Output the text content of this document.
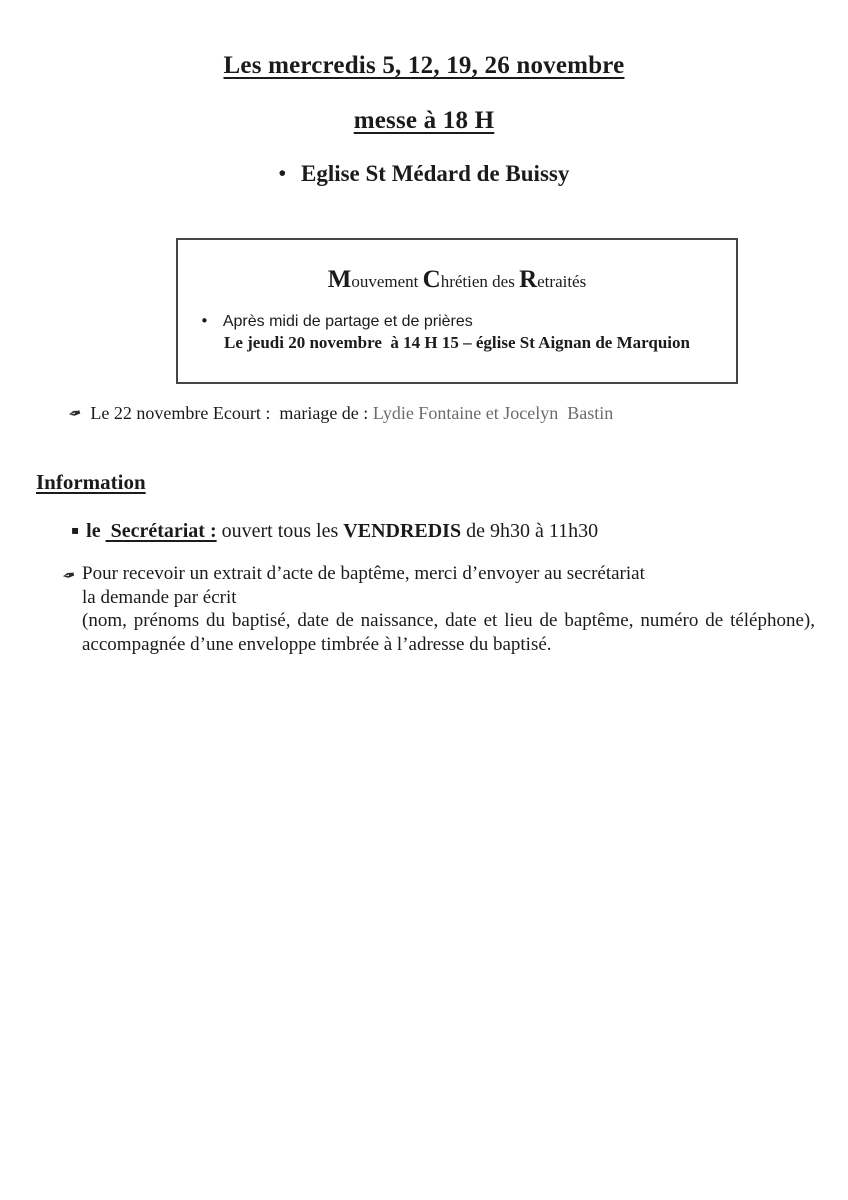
Les mercredis 5, 12, 19, 26 novembre
messe à 18 H
• Eglise St Médard de Buissy
Mouvement Chrétien des Retraités
• Après midi de partage et de prières
Le jeudi 20 novembre  à 14 H 15 – église St Aignan de Marquion
✒ Le 22 novembre Ecourt :  mariage de : Lydie Fontaine et Jocelyn  Bastin
Information
▪ le  Secrétariat : ouvert tous les VENDREDIS de 9h30 à 11h30
✒ Pour recevoir un extrait d’acte de baptême, merci d’envoyer au secrétariat
la demande par écrit
(nom, prénoms du baptisé, date de naissance, date et lieu de baptême, numéro de téléphone), accompagnée d’une enveloppe timbrée à l’adresse du baptisé.
